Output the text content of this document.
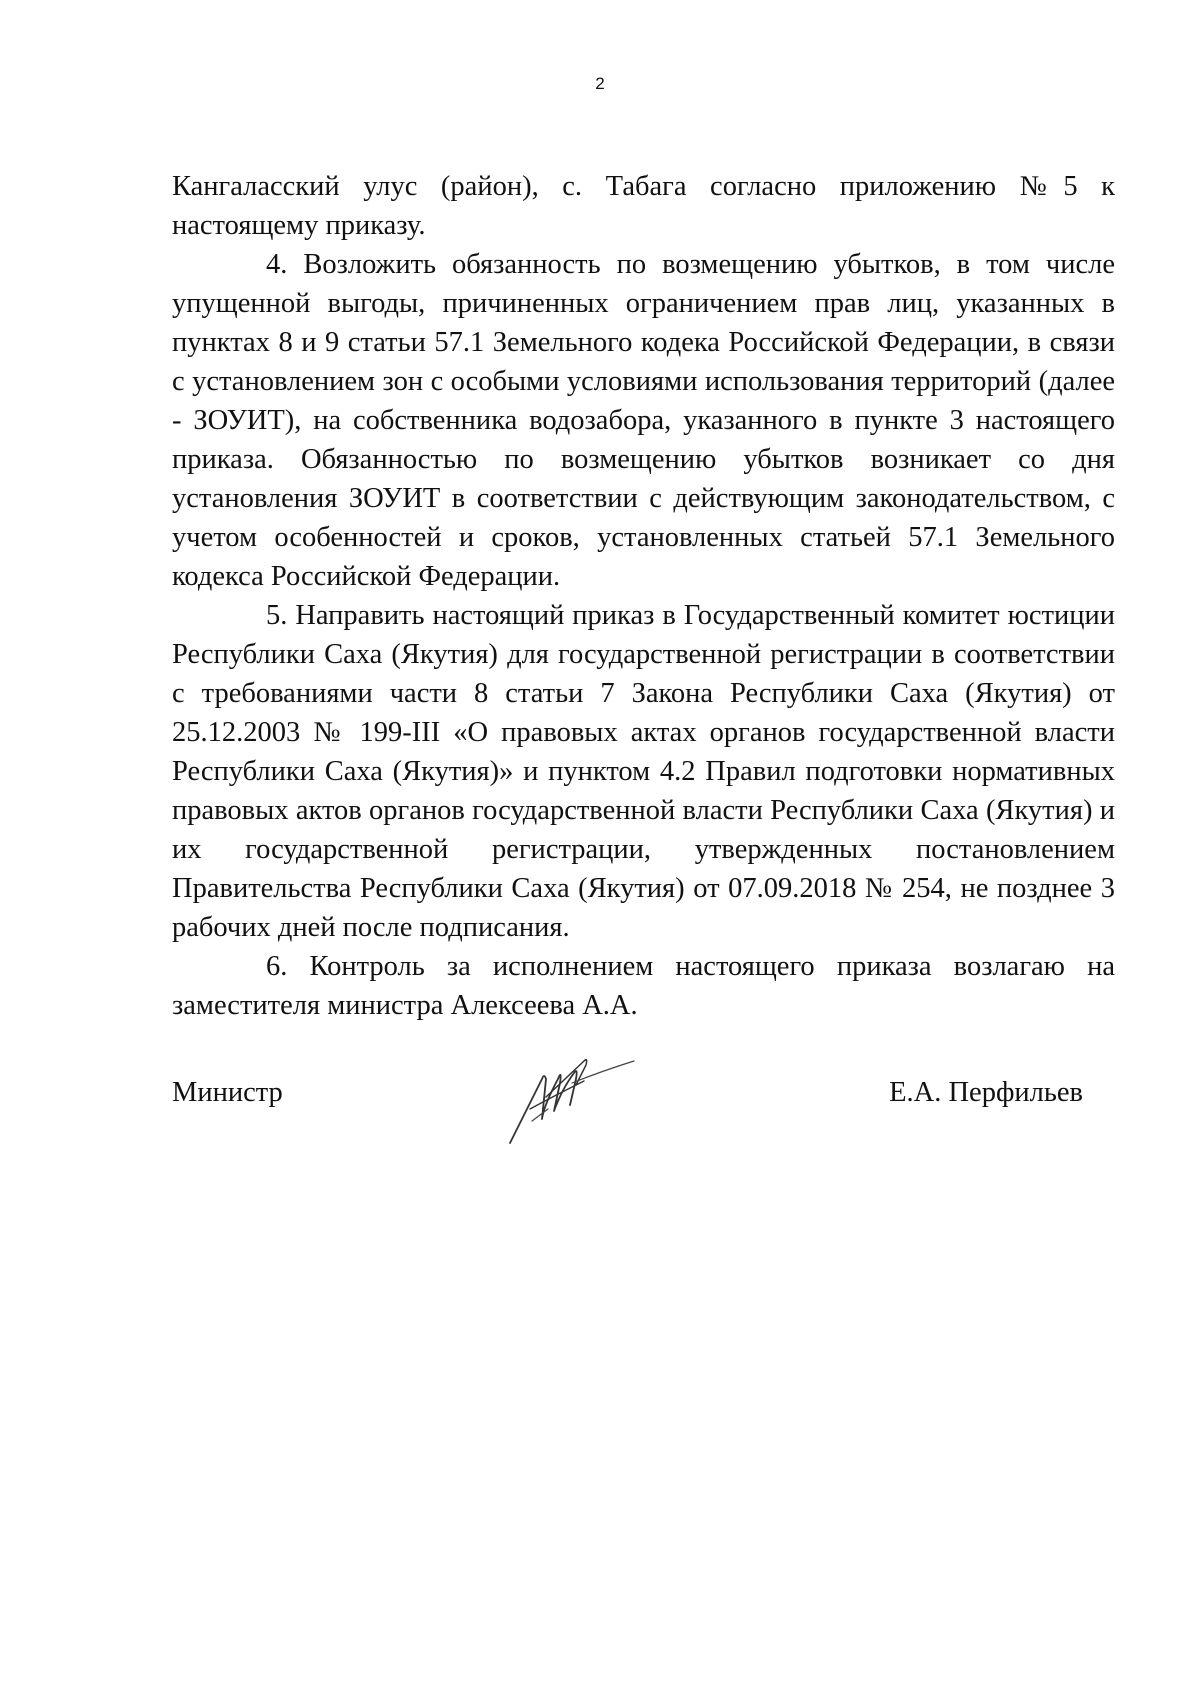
2

Кангаласский улус (район), с. Табага согласно приложению №5 к настоящему приказу.

4. Возложить обязанность по возмещению убытков, в том числе упущенной выгоды, причиненных ограничением прав лиц, указанных в пунктах 8 и 9 статьи 57.1 Земельного кодека Российской Федерации, в связи с установлением зон с особыми условиями использования территорий (далее - ЗОУИТ), на собственника водозабора, указанного в пункте 3 настоящего приказа. Обязанностью по возмещению убытков возникает со дня установления ЗОУИТ в соответствии с действующим законодательством, с учетом особенностей и сроков, установленных статьей 57.1 Земельного кодекса Российской Федерации.

5. Направить настоящий приказ в Государственный комитет юстиции Республики Саха (Якутия) для государственной регистрации в соответствии с требованиями части 8 статьи 7 Закона Республики Саха (Якутия) от 25.12.2003 № 199-III «О правовых актах органов государственной власти Республики Саха (Якутия)» и пунктом 4.2 Правил подготовки нормативных правовых актов органов государственной власти Республики Саха (Якутия) и их государственной регистрации, утвержденных постановлением Правительства Республики Саха (Якутия) от 07.09.2018 № 254, не позднее 3 рабочих дней после подписания.

6. Контроль за исполнением настоящего приказа возлагаю на заместителя министра Алексеева А.А.

Министр	Е.А. Перфильев
